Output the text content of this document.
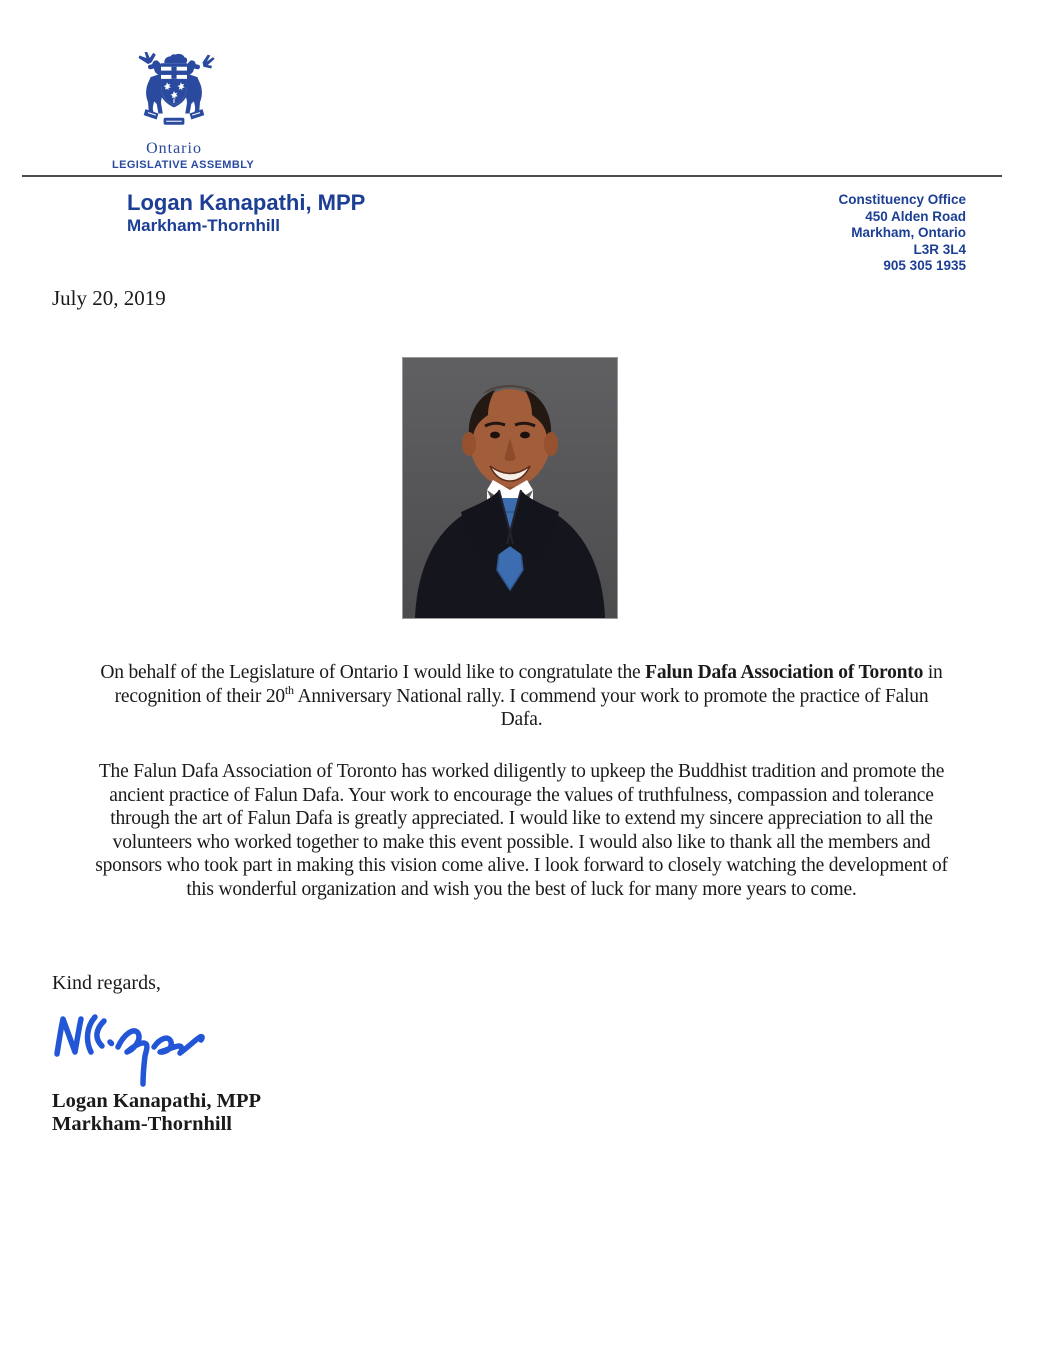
Ontario
LEGISLATIVE ASSEMBLY
Logan Kanapathi, MPP
Markham-Thornhill
Constituency Office
450 Alden Road
Markham, Ontario
L3R 3L4
905 305 1935
July 20, 2019
On behalf of the Legislature of Ontario I would like to congratulate the Falun Dafa Association of Toronto in
recognition of their 20 th Anniversary National rally. I commend your work to promote the practice of Falun
Dafa.
The Falun Dafa Association of Toronto has worked diligently to upkeep the Buddhist tradition and promote the
ancient practice of Falun Dafa. Your work to encourage the values of truthfulness, compassion and tolerance
through the art of Falun Dafa is greatly appreciated. I would like to extend my sincere appreciation to all the
volunteers who worked together to make this event possible. I would also like to thank all the members and
sponsors who took part in making this vision come alive. I look forward to closely watching the development of
this wonderful organization and wish you the best of luck for many more years to come.
Kind regards,
Logan Kanapathi, MPP
Markham-Thornhill
